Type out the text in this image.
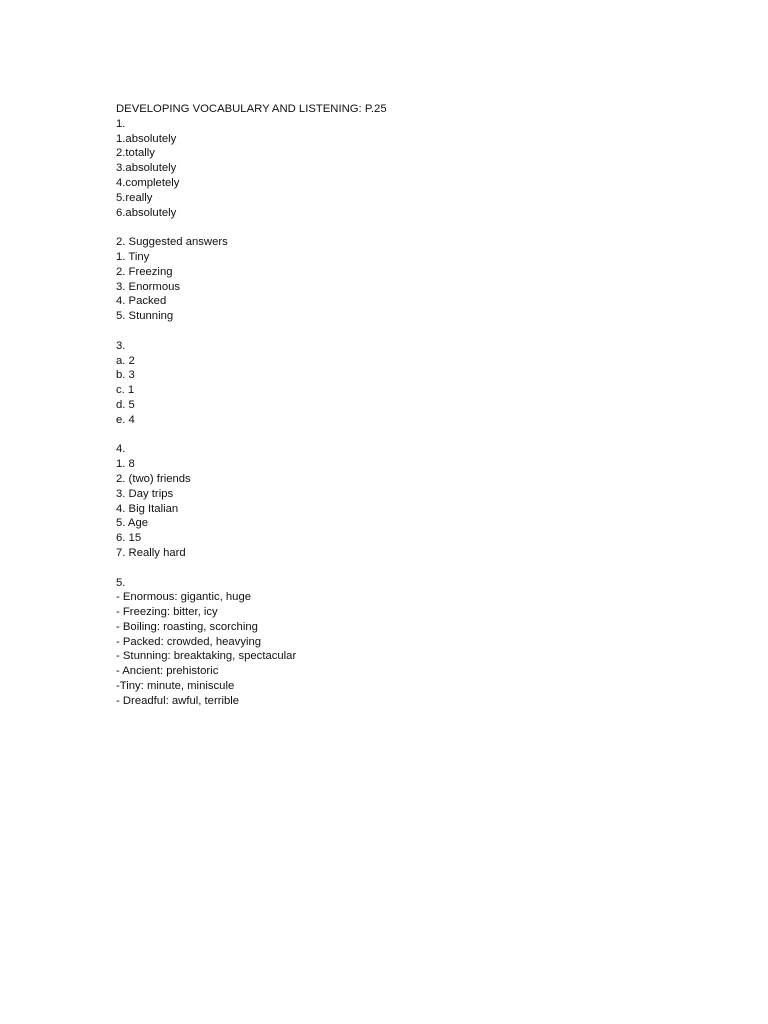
DEVELOPING VOCABULARY AND LISTENING: P.25
1.
1.absolutely
2.totally
3.absolutely
4.completely
5.really
6.absolutely
2. Suggested answers
1. Tiny
2. Freezing
3. Enormous
4. Packed
5. Stunning
3.
a. 2
b. 3
c. 1
d. 5
e. 4
4.
1. 8
2. (two) friends
3. Day trips
4. Big Italian
5. Age
6. 15
7. Really hard
5.
- Enormous: gigantic, huge
- Freezing: bitter, icy
- Boiling: roasting, scorching
- Packed: crowded, heavying
- Stunning: breaktaking, spectacular
- Ancient: prehistoric
-Tiny: minute, miniscule
- Dreadful: awful, terrible
